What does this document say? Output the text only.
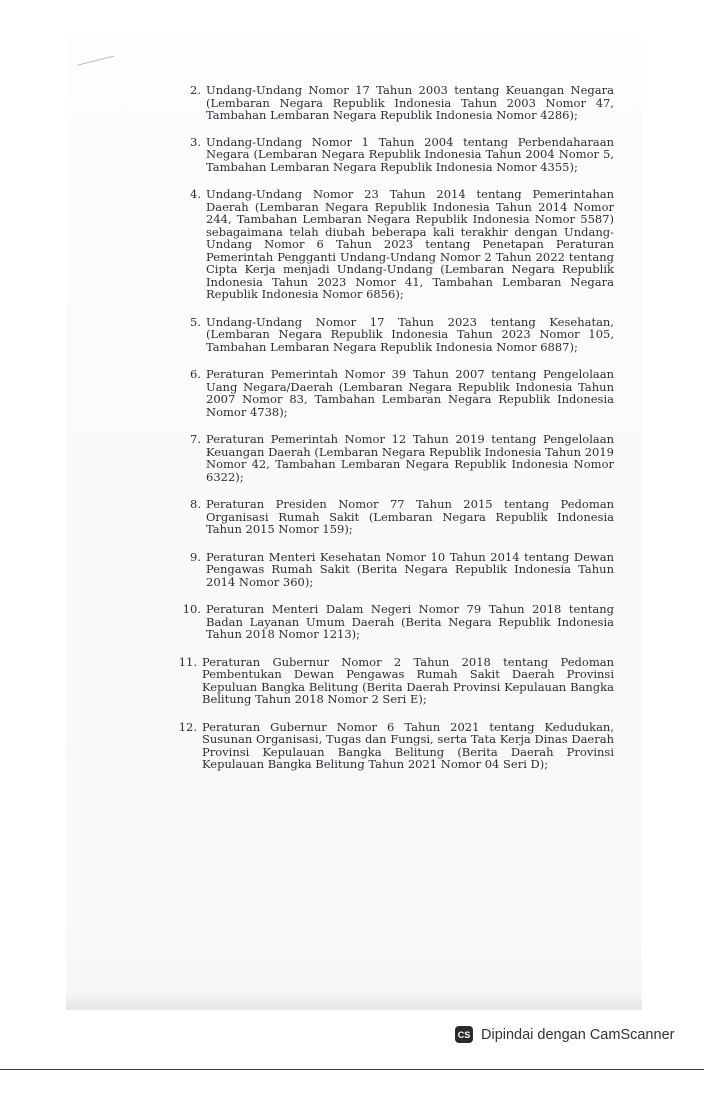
2. Undang-Undang Nomor 17 Tahun 2003 tentang Keuangan Negara (Lembaran Negara Republik Indonesia Tahun 2003 Nomor 47, Tambahan Lembaran Negara Republik Indonesia Nomor 4286);
3. Undang-Undang Nomor 1 Tahun 2004 tentang Perbendaharaan Negara (Lembaran Negara Republik Indonesia Tahun 2004 Nomor 5, Tambahan Lembaran Negara Republik Indonesia Nomor 4355);
4. Undang-Undang Nomor 23 Tahun 2014 tentang Pemerintahan Daerah (Lembaran Negara Republik Indonesia Tahun 2014 Nomor 244, Tambahan Lembaran Negara Republik Indonesia Nomor 5587) sebagaimana telah diubah beberapa kali terakhir dengan Undang-Undang Nomor 6 Tahun 2023 tentang Penetapan Peraturan Pemerintah Pengganti Undang-Undang Nomor 2 Tahun 2022 tentang Cipta Kerja menjadi Undang-Undang (Lembaran Negara Republik Indonesia Tahun 2023 Nomor 41, Tambahan Lembaran Negara Republik Indonesia Nomor 6856);
5. Undang-Undang Nomor 17 Tahun 2023 tentang Kesehatan, (Lembaran Negara Republik Indonesia Tahun 2023 Nomor 105, Tambahan Lembaran Negara Republik Indonesia Nomor 6887);
6. Peraturan Pemerintah Nomor 39 Tahun 2007 tentang Pengelolaan Uang Negara/Daerah (Lembaran Negara Republik Indonesia Tahun 2007 Nomor 83, Tambahan Lembaran Negara Republik Indonesia Nomor 4738);
7. Peraturan Pemerintah Nomor 12 Tahun 2019 tentang Pengelolaan Keuangan Daerah (Lembaran Negara Republik Indonesia Tahun 2019 Nomor 42, Tambahan Lembaran Negara Republik Indonesia Nomor 6322);
8. Peraturan Presiden Nomor 77 Tahun 2015 tentang Pedoman Organisasi Rumah Sakit (Lembaran Negara Republik Indonesia Tahun 2015 Nomor 159);
9. Peraturan Menteri Kesehatan Nomor 10 Tahun 2014 tentang Dewan Pengawas Rumah Sakit (Berita Negara Republik Indonesia Tahun 2014 Nomor 360);
10. Peraturan Menteri Dalam Negeri Nomor 79 Tahun 2018 tentang Badan Layanan Umum Daerah (Berita Negara Republik Indonesia Tahun 2018 Nomor 1213);
11. Peraturan Gubernur Nomor 2 Tahun 2018 tentang Pedoman Pembentukan Dewan Pengawas Rumah Sakit Daerah Provinsi Kepuluan Bangka Belitung (Berita Daerah Provinsi Kepulauan Bangka Belitung Tahun 2018 Nomor 2 Seri E);
12. Peraturan Gubernur Nomor 6 Tahun 2021 tentang Kedudukan, Susunan Organisasi, Tugas dan Fungsi, serta Tata Kerja Dinas Daerah Provinsi Kepulauan Bangka Belitung (Berita Daerah Provinsi Kepulauan Bangka Belitung Tahun 2021 Nomor 04 Seri D);
CS Dipindai dengan CamScanner
